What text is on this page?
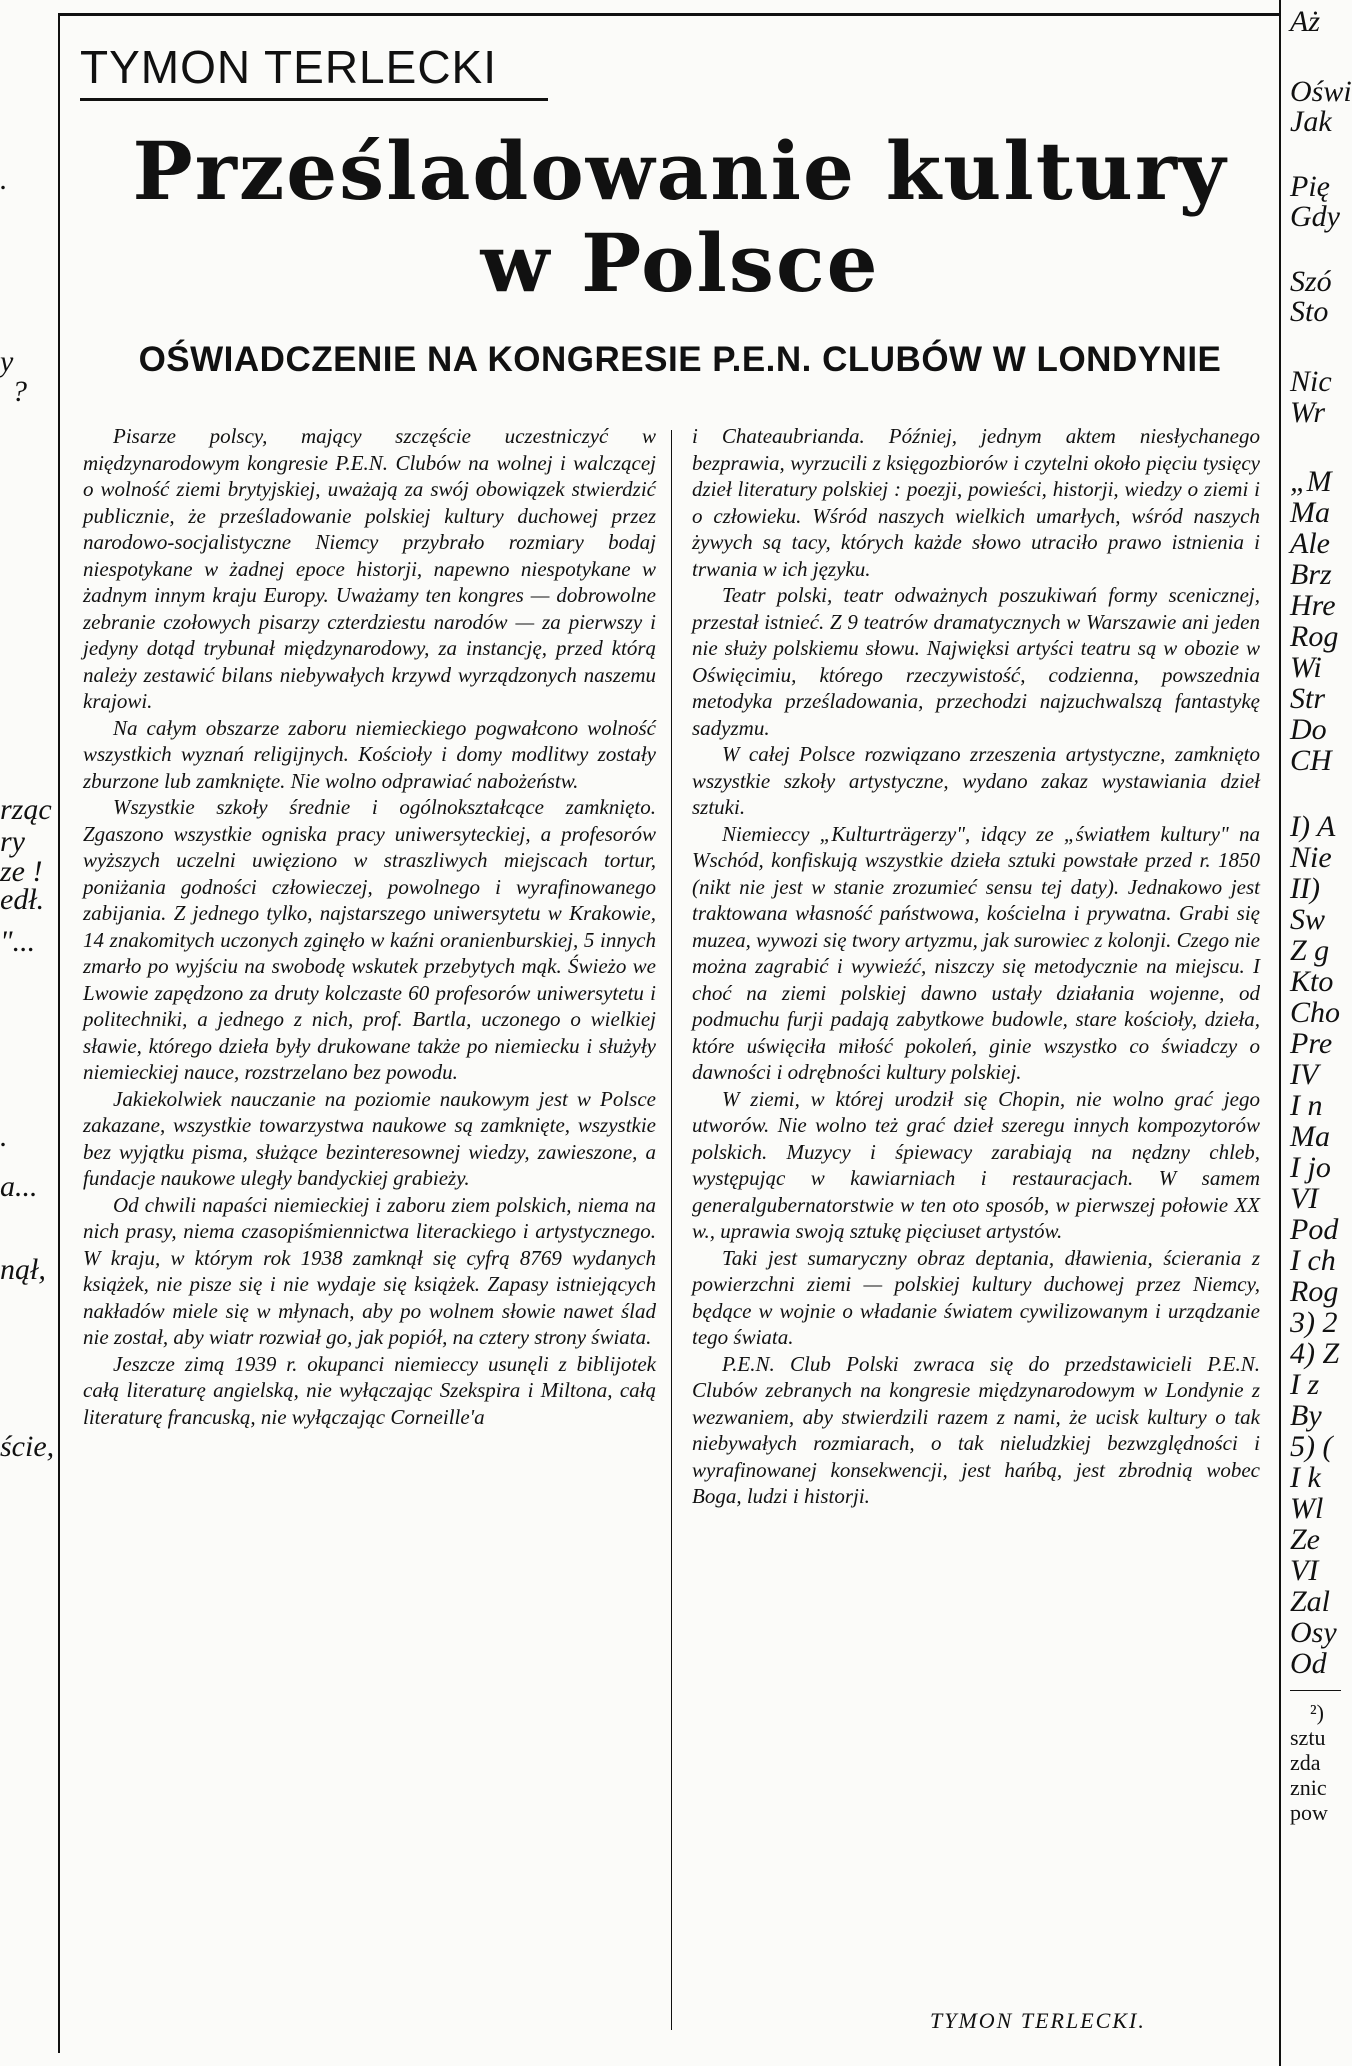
.
y
?
rząc
ry
ze !
edł.
"...
.
a...
nął,
ście,
TYMON TERLECKI
Prześladowanie kultury
w Polsce
OŚWIADCZENIE NA KONGRESIE P.E.N. CLUBÓW W LONDYNIE

Pisarze polscy, mający szczęście uczestniczyć w międzynarodowym kongresie P.E.N. Clubów na wolnej i walczącej o wolność ziemi brytyjskiej, uważają za swój obowiązek stwierdzić publicznie, że prześladowanie polskiej kultury duchowej przez narodowo-socjalistyczne Niemcy przybrało rozmiary bodaj niespotykane w żadnej epoce historji, napewno niespotykane w żadnym innym kraju Europy. Uważamy ten kongres — dobrowolne zebranie czołowych pisarzy czterdziestu narodów — za pierwszy i jedyny dotąd trybunał międzynarodowy, za instancję, przed którą należy zestawić bilans niebywałych krzywd wyrządzonych naszemu krajowi.

Na całym obszarze zaboru niemieckiego pogwałcono wolność wszystkich wyznań religijnych. Kościoły i domy modlitwy zostały zburzone lub zamknięte. Nie wolno odprawiać nabożeństw.

Wszystkie szkoły średnie i ogólnokształcące zamknięto. Zgaszono wszystkie ogniska pracy uniwersyteckiej, a profesorów wyższych uczelni uwięziono w straszliwych miejscach tortur, poniżania godności człowieczej, powolnego i wyrafinowanego zabijania. Z jednego tylko, najstarszego uniwersytetu w Krakowie, 14 znakomitych uczonych zginęło w kaźni oranienburskiej, 5 innych zmarło po wyjściu na swobodę wskutek przebytych mąk. Świeżo we Lwowie zapędzono za druty kolczaste 60 profesorów uniwersytetu i politechniki, a jednego z nich, prof. Bartla, uczonego o wielkiej sławie, którego dzieła były drukowane także po niemiecku i służyły niemieckiej nauce, rozstrzelano bez powodu.

Jakiekolwiek nauczanie na poziomie naukowym jest w Polsce zakazane, wszystkie towarzystwa naukowe są zamknięte, wszystkie bez wyjątku pisma, służące bezinteresownej wiedzy, zawieszone, a fundacje naukowe uległy bandyckiej grabieży.

Od chwili napaści niemieckiej i zaboru ziem polskich, niema na nich prasy, niema czasopiśmiennictwa literackiego i artystycznego. W kraju, w którym rok 1938 zamknął się cyfrą 8769 wydanych książek, nie pisze się i nie wydaje się książek. Zapasy istniejących nakładów miele się w młynach, aby po wolnem słowie nawet ślad nie został, aby wiatr rozwiał go, jak popiół, na cztery strony świata.

Jeszcze zimą 1939 r. okupanci niemieccy usunęli z biblijotek całą literaturę angielską, nie wyłączając Szekspira i Miltona, całą literaturę francuską, nie wyłączając Corneille'a

i Chateaubrianda. Później, jednym aktem niesłychanego bezprawia, wyrzucili z księgozbiorów i czytelni około pięciu tysięcy dzieł literatury polskiej : poezji, powieści, historji, wiedzy o ziemi i o człowieku. Wśród naszych wielkich umarłych, wśród naszych żywych są tacy, których każde słowo utraciło prawo istnienia i trwania w ich języku.

Teatr polski, teatr odważnych poszukiwań formy scenicznej, przestał istnieć. Z 9 teatrów dramatycznych w Warszawie ani jeden nie służy polskiemu słowu. Najwięksi artyści teatru są w obozie w Oświęcimiu, którego rzeczywistość, codzienna, powszednia metodyka prześladowania, przechodzi najzuchwalszą fantastykę sadyzmu.

W całej Polsce rozwiązano zrzeszenia artystyczne, zamknięto wszystkie szkoły artystyczne, wydano zakaz wystawiania dzieł sztuki.

Niemieccy „Kulturträgerzy", idący ze „światłem kultury" na Wschód, konfiskują wszystkie dzieła sztuki powstałe przed r. 1850 (nikt nie jest w stanie zrozumieć sensu tej daty). Jednakowo jest traktowana własność państwowa, kościelna i prywatna. Grabi się muzea, wywozi się twory artyzmu, jak surowiec z kolonji. Czego nie można zagrabić i wywieźć, niszczy się metodycznie na miejscu. I choć na ziemi polskiej dawno ustały działania wojenne, od podmuchu furji padają zabytkowe budowle, stare kościoły, dzieła, które uświęciła miłość pokoleń, ginie wszystko co świadczy o dawności i odrębności kultury polskiej.

W ziemi, w której urodził się Chopin, nie wolno grać jego utworów. Nie wolno też grać dzieł szeregu innych kompozytorów polskich. Muzycy i śpiewacy zarabiają na nędzny chleb, występując w kawiarniach i restauracjach. W samem generalgubernatorstwie w ten oto sposób, w pierwszej połowie XX w., uprawia swoją sztukę pięciuset artystów.

Taki jest sumaryczny obraz deptania, dławienia, ścierania z powierzchni ziemi — polskiej kultury duchowej przez Niemcy, będące w wojnie o władanie światem cywilizowanym i urządzanie tego świata.

P.E.N. Club Polski zwraca się do przedstawicieli P.E.N. Clubów zebranych na kongresie międzynarodowym w Londynie z wezwaniem, aby stwierdzili razem z nami, że ucisk kultury o tak niebywałych rozmiarach, o tak nieludzkiej bezwzględności i wyrafinowanej konsekwencji, jest hańbą, jest zbrodnią wobec Boga, ludzi i historji.

TYMON TERLECKI.
Aż
Oświ
Jak
Pię
Gdy
Szó
Sto
Nic
Wr
„M
Ma
Ale
Brz
Hre
Rog
Wi
Str
Do
CH
I) A
Nie
II)
Sw
Z g
Kto
Cho
Pre
IV
I n
Ma
I jo
VI
Pod
I ch
Rog
3) 2
4) Z
I z
By
5) (
I k
Wl
Ze
VI
Zal
Osy
Od
²)
sztu
zda
znic
pow
